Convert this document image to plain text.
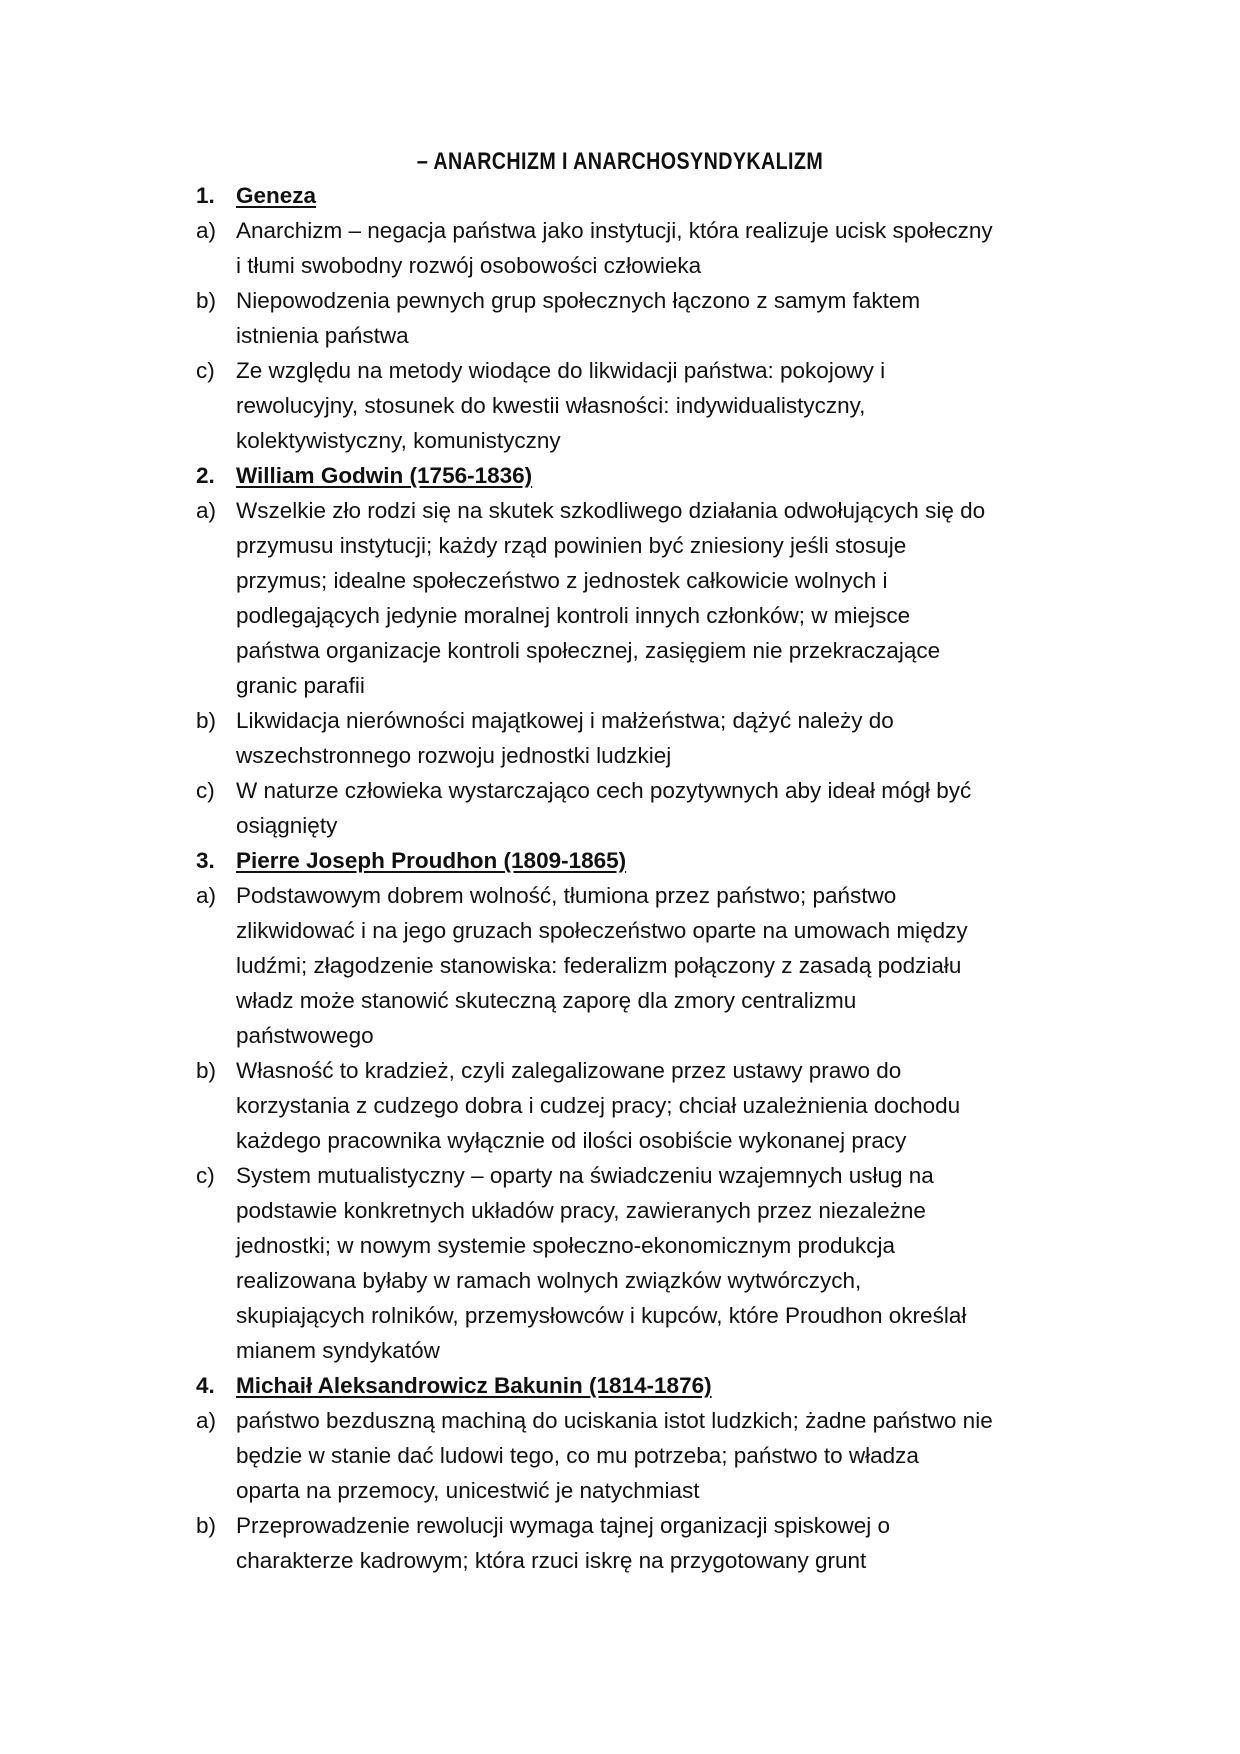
– ANARCHIZM I ANARCHOSYNDYKALIZM
1. Geneza
a) Anarchizm – negacja państwa jako instytucji, która realizuje ucisk społeczny
i tłumi swobodny rozwój osobowości człowieka
b) Niepowodzenia pewnych grup społecznych łączono z samym faktem
istnienia państwa
c) Ze względu na metody wiodące do likwidacji państwa: pokojowy i
rewolucyjny, stosunek do kwestii własności: indywidualistyczny,
kolektywistyczny, komunistyczny
2. William Godwin (1756-1836)
a) Wszelkie zło rodzi się na skutek szkodliwego działania odwołujących się do
przymusu instytucji; każdy rząd powinien być zniesiony jeśli stosuje
przymus; idealne społeczeństwo z jednostek całkowicie wolnych i
podlegających jedynie moralnej kontroli innych członków; w miejsce
państwa organizacje kontroli społecznej, zasięgiem nie przekraczające
granic parafii
b) Likwidacja nierówności majątkowej i małżeństwa; dążyć należy do
wszechstronnego rozwoju jednostki ludzkiej
c) W naturze człowieka wystarczająco cech pozytywnych aby ideał mógł być
osiągnięty
3. Pierre Joseph Proudhon (1809-1865)
a) Podstawowym dobrem wolność, tłumiona przez państwo; państwo
zlikwidować i na jego gruzach społeczeństwo oparte na umowach między
ludźmi; złagodzenie stanowiska: federalizm połączony z zasadą podziału
władz może stanowić skuteczną zaporę dla zmory centralizmu
państwowego
b) Własność to kradzież, czyli zalegalizowane przez ustawy prawo do
korzystania z cudzego dobra i cudzej pracy; chciał uzależnienia dochodu
każdego pracownika wyłącznie od ilości osobiście wykonanej pracy
c) System mutualistyczny – oparty na świadczeniu wzajemnych usług na
podstawie konkretnych układów pracy, zawieranych przez niezależne
jednostki; w nowym systemie społeczno-ekonomicznym produkcja
realizowana byłaby w ramach wolnych związków wytwórczych,
skupiających rolników, przemysłowców i kupców, które Proudhon określał
mianem syndykatów
4. Michaił Aleksandrowicz Bakunin (1814-1876)
a) państwo bezduszną machiną do uciskania istot ludzkich; żadne państwo nie
będzie w stanie dać ludowi tego, co mu potrzeba; państwo to władza
oparta na przemocy, unicestwić je natychmiast
b) Przeprowadzenie rewolucji wymaga tajnej organizacji spiskowej o
charakterze kadrowym; która rzuci iskrę na przygotowany grunt
